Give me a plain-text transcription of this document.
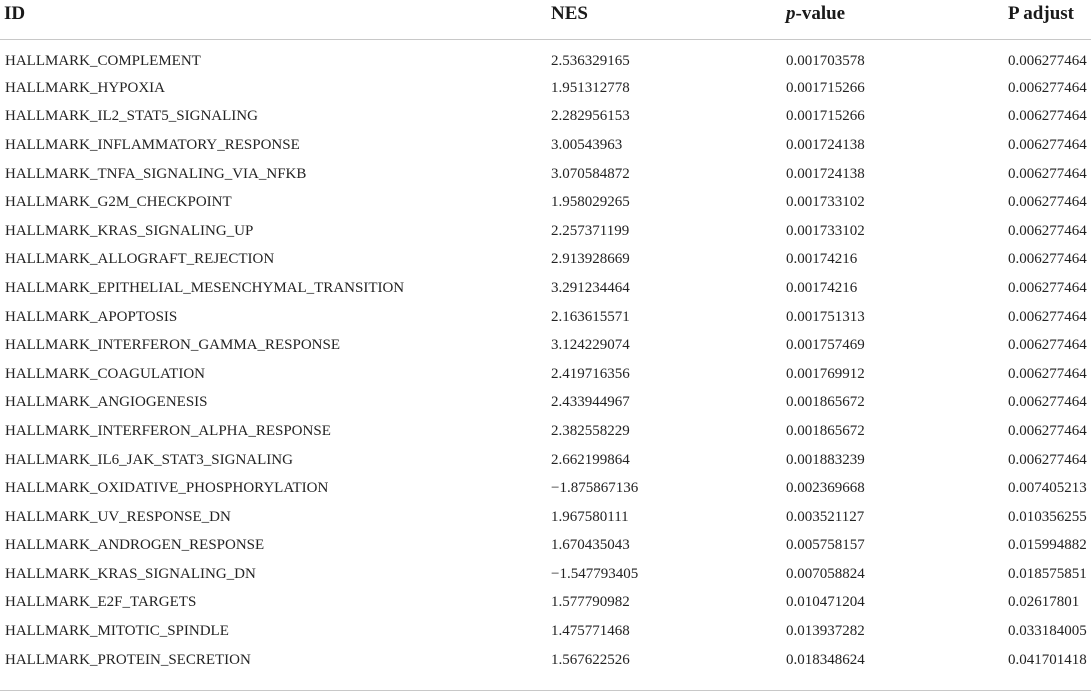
ID	NES	p-value	P adjust
HALLMARK_COMPLEMENT	2.536329165	0.001703578	0.006277464
HALLMARK_HYPOXIA	1.951312778	0.001715266	0.006277464
HALLMARK_IL2_STAT5_SIGNALING	2.282956153	0.001715266	0.006277464
HALLMARK_INFLAMMATORY_RESPONSE	3.00543963	0.001724138	0.006277464
HALLMARK_TNFA_SIGNALING_VIA_NFKB	3.070584872	0.001724138	0.006277464
HALLMARK_G2M_CHECKPOINT	1.958029265	0.001733102	0.006277464
HALLMARK_KRAS_SIGNALING_UP	2.257371199	0.001733102	0.006277464
HALLMARK_ALLOGRAFT_REJECTION	2.913928669	0.00174216	0.006277464
HALLMARK_EPITHELIAL_MESENCHYMAL_TRANSITION	3.291234464	0.00174216	0.006277464
HALLMARK_APOPTOSIS	2.163615571	0.001751313	0.006277464
HALLMARK_INTERFERON_GAMMA_RESPONSE	3.124229074	0.001757469	0.006277464
HALLMARK_COAGULATION	2.419716356	0.001769912	0.006277464
HALLMARK_ANGIOGENESIS	2.433944967	0.001865672	0.006277464
HALLMARK_INTERFERON_ALPHA_RESPONSE	2.382558229	0.001865672	0.006277464
HALLMARK_IL6_JAK_STAT3_SIGNALING	2.662199864	0.001883239	0.006277464
HALLMARK_OXIDATIVE_PHOSPHORYLATION	−1.875867136	0.002369668	0.007405213
HALLMARK_UV_RESPONSE_DN	1.967580111	0.003521127	0.010356255
HALLMARK_ANDROGEN_RESPONSE	1.670435043	0.005758157	0.015994882
HALLMARK_KRAS_SIGNALING_DN	−1.547793405	0.007058824	0.018575851
HALLMARK_E2F_TARGETS	1.577790982	0.010471204	0.02617801
HALLMARK_MITOTIC_SPINDLE	1.475771468	0.013937282	0.033184005
HALLMARK_PROTEIN_SECRETION	1.567622526	0.018348624	0.041701418
